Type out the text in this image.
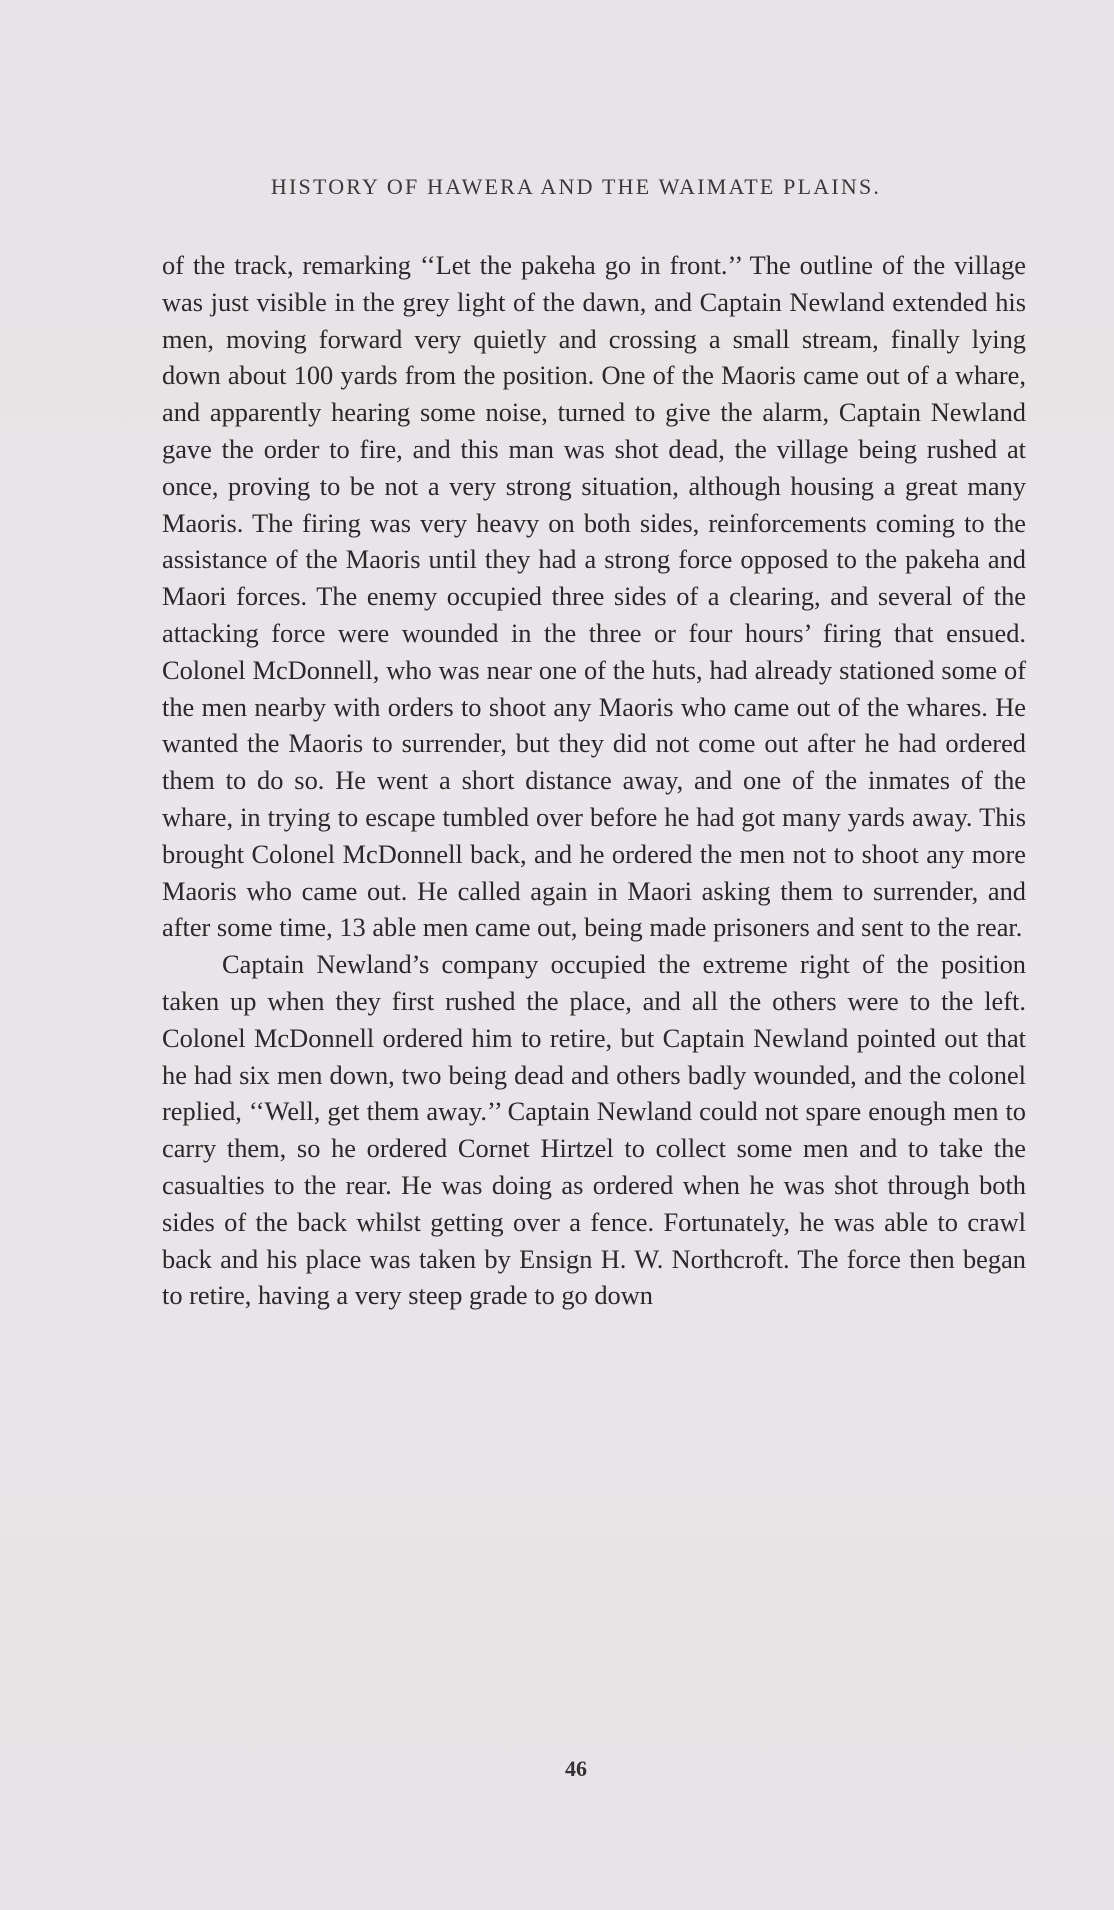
HISTORY OF HAWERA AND THE WAIMATE PLAINS.

of the track, remarking ‘‘Let the pakeha go in front.’’ The outline of the village was just visible in the grey light of the dawn, and Captain Newland extended his men, moving forward very quietly and crossing a small stream, finally lying down about 100 yards from the position. One of the Maoris came out of a whare, and apparently hearing some noise, turned to give the alarm, Captain Newland gave the order to fire, and this man was shot dead, the village being rushed at once, proving to be not a very strong situation, although housing a great many Maoris. The firing was very heavy on both sides, reinforcements coming to the assistance of the Maoris until they had a strong force opposed to the pakeha and Maori forces. The enemy occupied three sides of a clearing, and several of the attacking force were wounded in the three or four hours’ firing that ensued. Colonel McDonnell, who was near one of the huts, had already stationed some of the men nearby with orders to shoot any Maoris who came out of the whares. He wanted the Maoris to surrender, but they did not come out after he had ordered them to do so. He went a short distance away, and one of the inmates of the whare, in trying to escape tumbled over before he had got many yards away. This brought Colonel McDonnell back, and he ordered the men not to shoot any more Maoris who came out. He called again in Maori asking them to surrender, and after some time, 13 able men came out, being made prisoners and sent to the rear.

Captain Newland’s company occupied the extreme right of the position taken up when they first rushed the place, and all the others were to the left. Colonel McDonnell ordered him to retire, but Captain Newland pointed out that he had six men down, two being dead and others badly wounded, and the colonel replied, ‘‘Well, get them away.’’ Captain Newland could not spare enough men to carry them, so he ordered Cornet Hirtzel to collect some men and to take the casualties to the rear. He was doing as ordered when he was shot through both sides of the back whilst getting over a fence. Fortunately, he was able to crawl back and his place was taken by Ensign H. W. Northcroft. The force then began to retire, having a very steep grade to go down

46
